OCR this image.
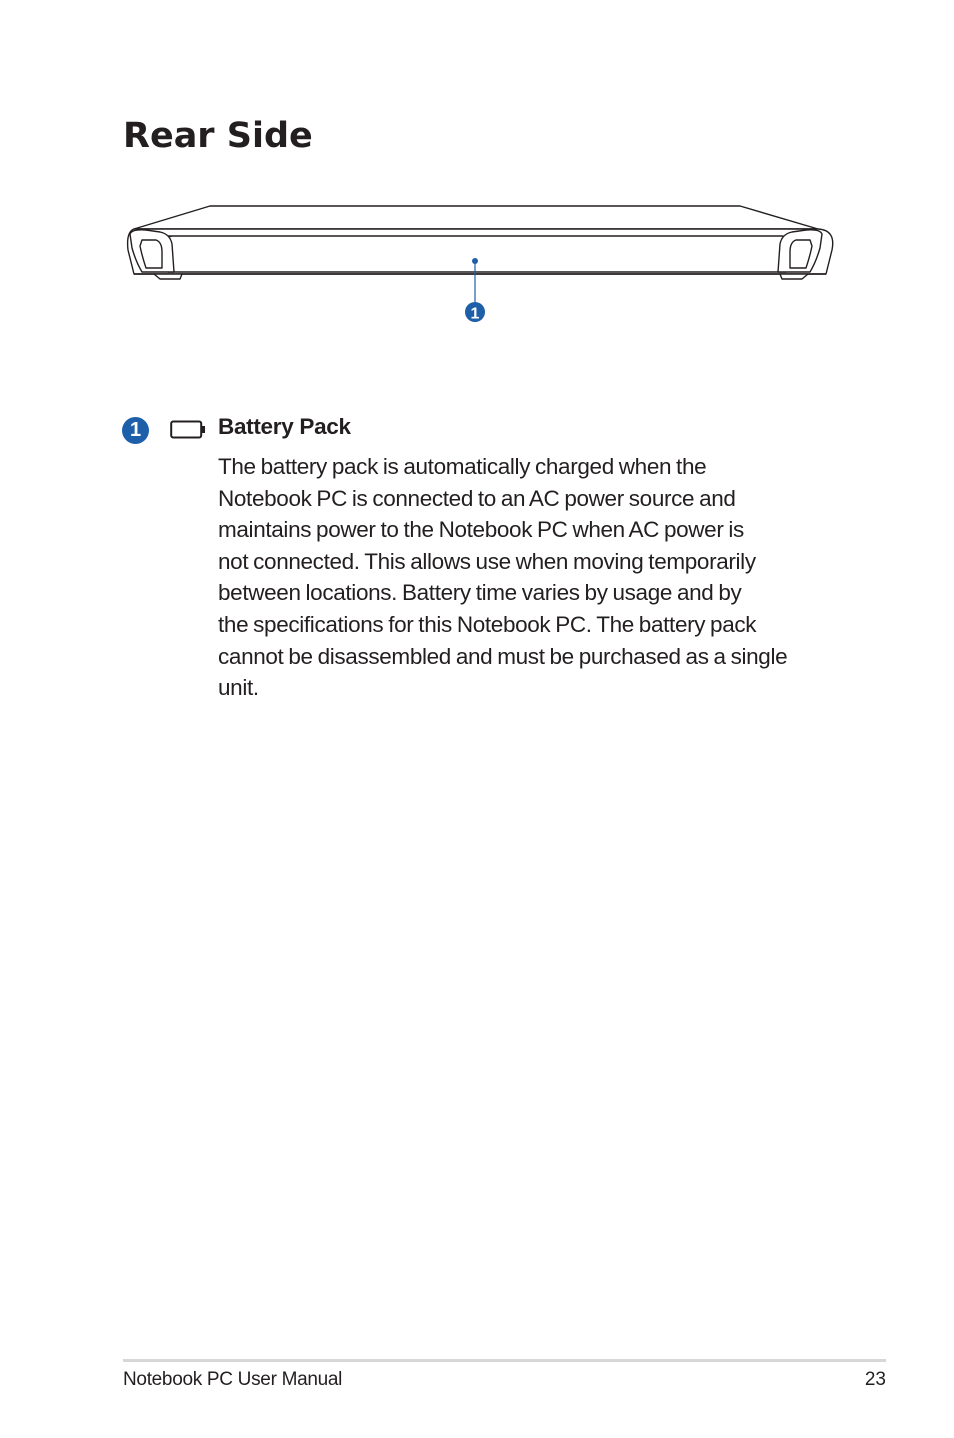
Rear Side
1
1	Battery Pack

The battery pack is automatically charged when the
Notebook PC is connected to an AC power source and
maintains power to the Notebook PC when AC power is
not connected. This allows use when moving temporarily
between locations. Battery time varies by usage and by
the specifications for this Notebook PC. The battery pack
cannot be disassembled and must be purchased as a single
unit.

Notebook PC User Manual	23
